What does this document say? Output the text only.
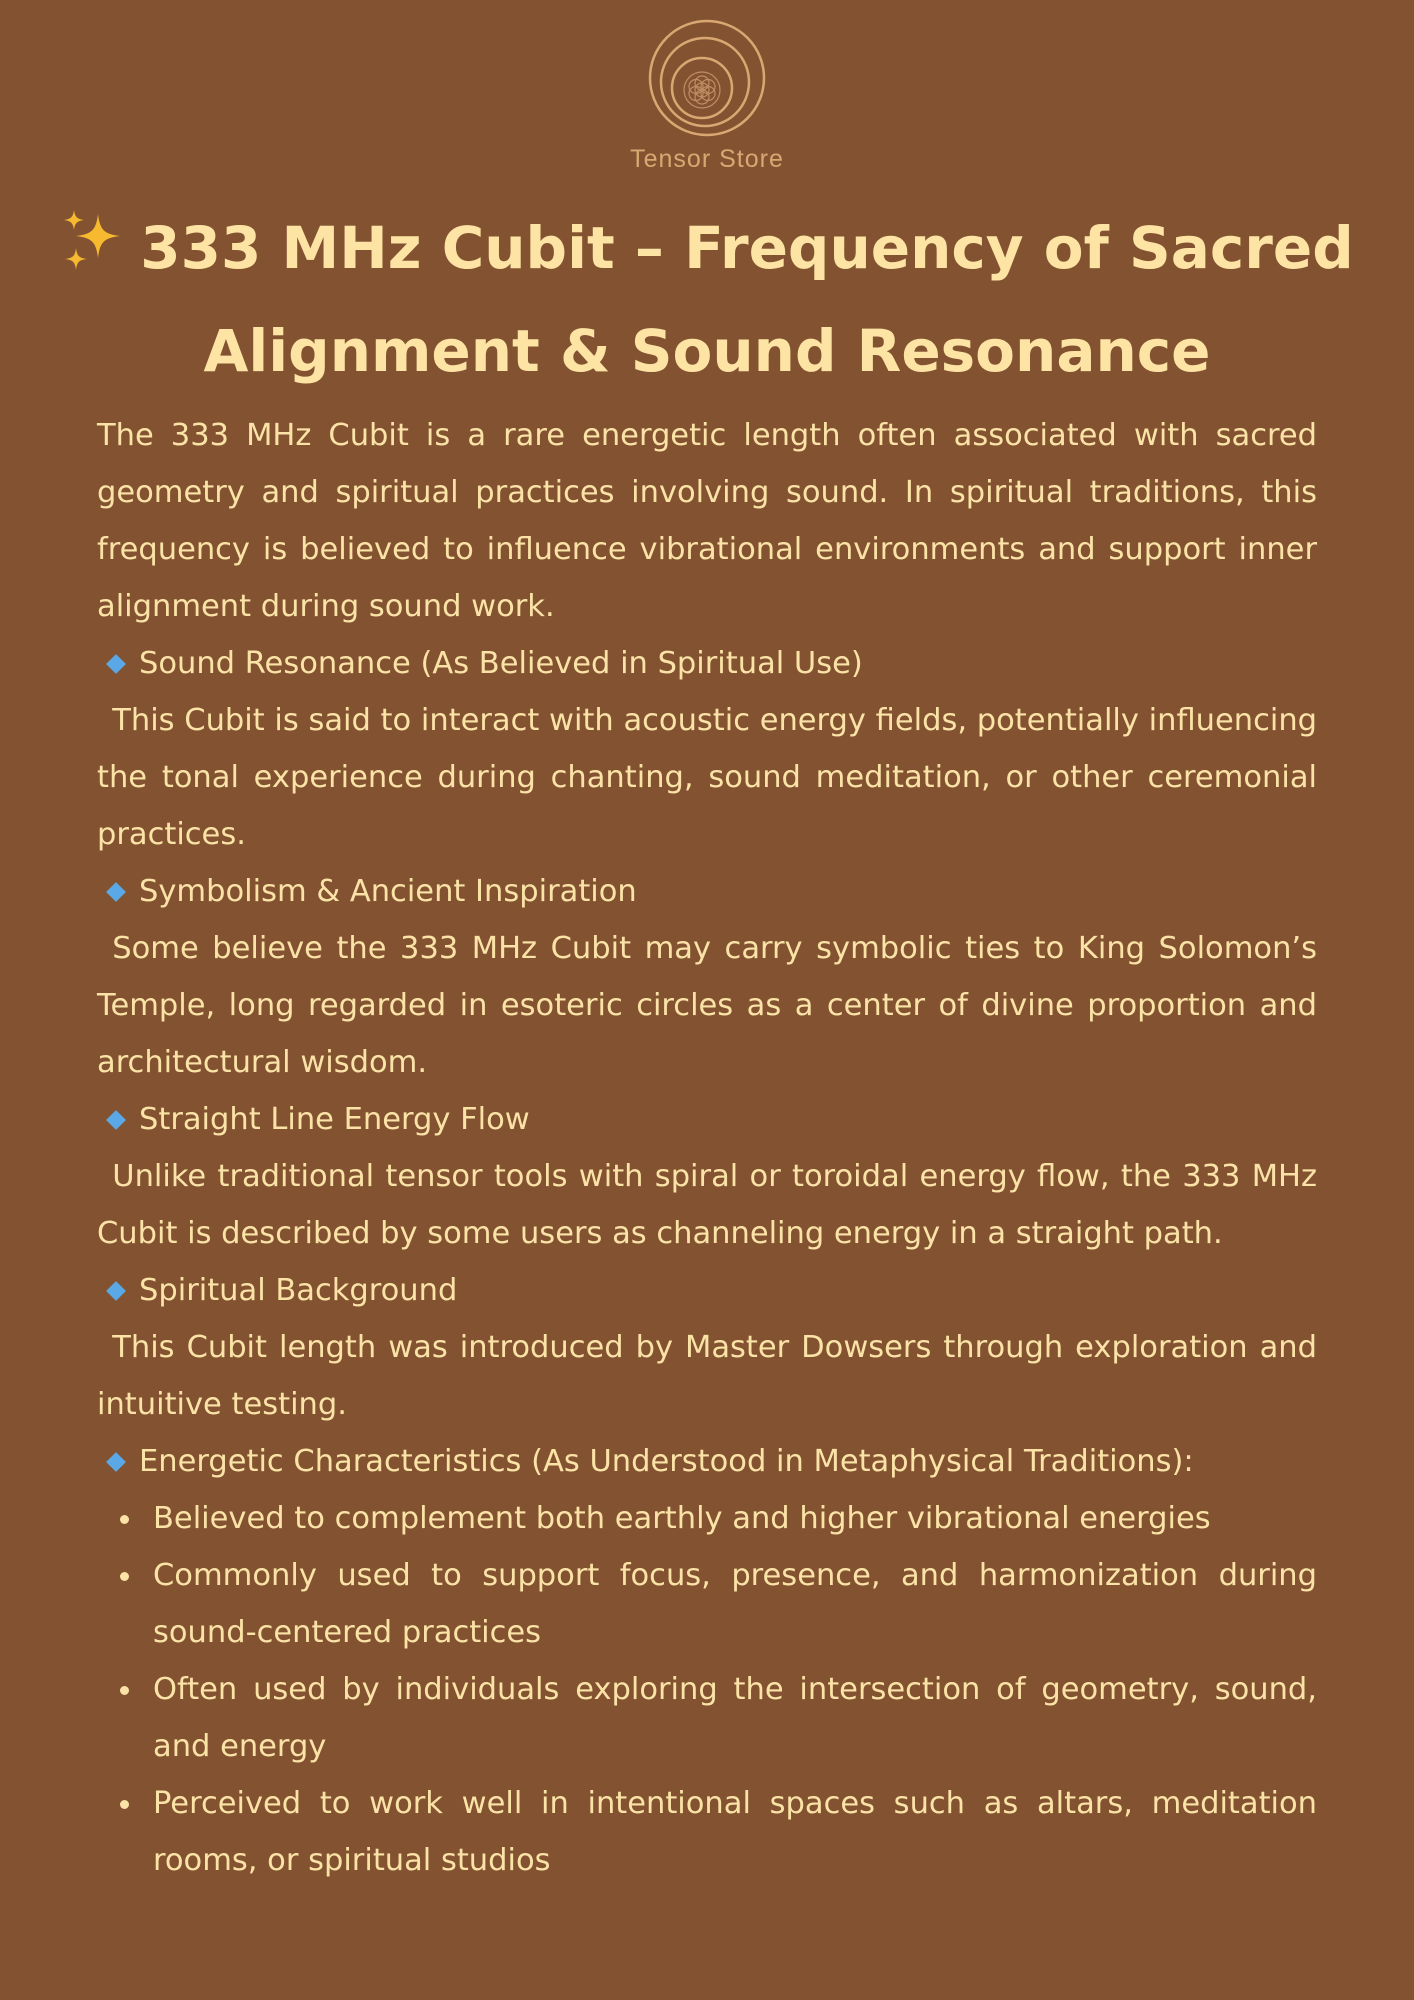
Tensor Store
333 MHz Cubit – Frequency of Sacred Alignment & Sound Resonance

The 333 MHz Cubit is a rare energetic length often associated with sacred geometry and spiritual practices involving sound. In spiritual traditions, this frequency is believed to influence vibrational environments and support inner alignment during sound work.

Sound Resonance (As Believed in Spiritual Use)

This Cubit is said to interact with acoustic energy fields, potentially influencing the tonal experience during chanting, sound meditation, or other ceremonial practices.

Symbolism & Ancient Inspiration

Some believe the 333 MHz Cubit may carry symbolic ties to King Solomon’s Temple, long regarded in esoteric circles as a center of divine proportion and architectural wisdom.

Straight Line Energy Flow

Unlike traditional tensor tools with spiral or toroidal energy flow, the 333 MHz Cubit is described by some users as channeling energy in a straight path.

Spiritual Background

This Cubit length was introduced by Master Dowsers through exploration and intuitive testing.

Energetic Characteristics (As Understood in Metaphysical Traditions):
Believed to complement both earthly and higher vibrational energies
Commonly used to support focus, presence, and harmonization during sound-centered practices
Often used by individuals exploring the intersection of geometry, sound, and energy
Perceived to work well in intentional spaces such as altars, meditation rooms, or spiritual studios
